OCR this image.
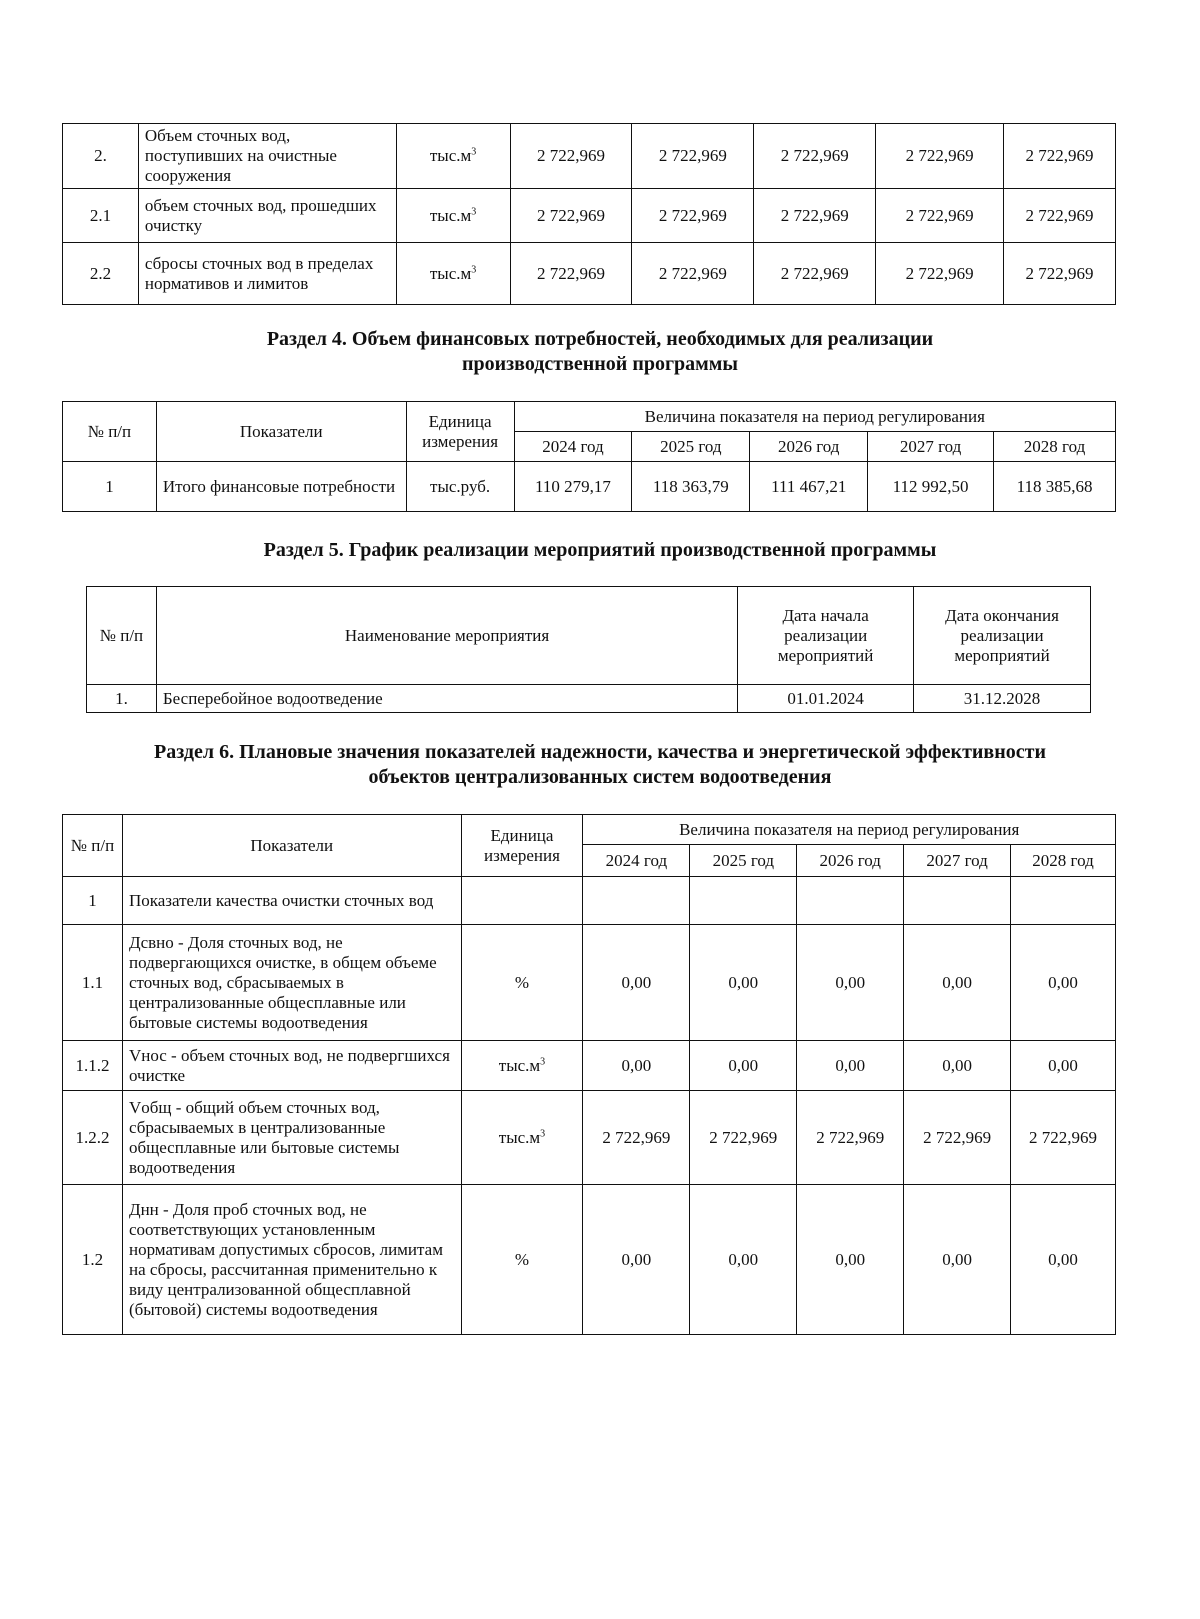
2.	Объем сточных вод, поступивших на очистные сооружения	$тыс.м^3$	2 722,969	2 722,969	2 722,969	2 722,969	2 722,969
2.1	объем сточных вод, прошедших очистку	$тыс.м^3$	2 722,969	2 722,969	2 722,969	2 722,969	2 722,969
2.2	сбросы сточных вод в пределах нормативов и лимитов	$тыс.м^3$	2 722,969	2 722,969	2 722,969	2 722,969	2 722,969
Раздел 4. Объем финансовых потребностей, необходимых для реализации
производственной программы
№ п/п	Показатели	Единица измерения	Величина показателя на период регулирования				
			2024 год	2025 год	2026 год	2027 год	2028 год
1	Итого финансовые потребности	тыс.руб.	110 279,17	118 363,79	111 467,21	112 992,50	118 385,68
Раздел 5. График реализации мероприятий производственной программы
№ п/п	Наименование мероприятия	Дата начала реализации мероприятий	Дата окончания реализации мероприятий
1.	Бесперебойное водоотведение	01.01.2024	31.12.2028
Раздел 6. Плановые значения показателей надежности, качества и энергетической эффективности
объектов централизованных систем водоотведения
№ п/п	Показатели	Единица измерения	Величина показателя на период регулирования				
			2024 год	2025 год	2026 год	2027 год	2028 год
1	Показатели качества очистки сточных вод						
1.1	Дсвно - Доля сточных вод, не подвергающихся очистке, в общем объеме сточных вод, сбрасываемых в централизованные общесплавные или бытовые системы водоотведения	%	0,00	0,00	0,00	0,00	0,00
1.1.2	Vнос - объем сточных вод, не подвергшихся очистке	$тыс.м^3$	0,00	0,00	0,00	0,00	0,00
1.2.2	Vобщ - общий объем сточных вод, сбрасываемых в централизованные общесплавные или бытовые системы водоотведения	$тыс.м^3$	2 722,969	2 722,969	2 722,969	2 722,969	2 722,969
1.2	Днн - Доля проб сточных вод, не соответствующих установленным нормативам допустимых сбросов, лимитам на сбросы, рассчитанная применительно к виду централизованной общесплавной (бытовой) системы водоотведения	%	0,00	0,00	0,00	0,00	0,00
